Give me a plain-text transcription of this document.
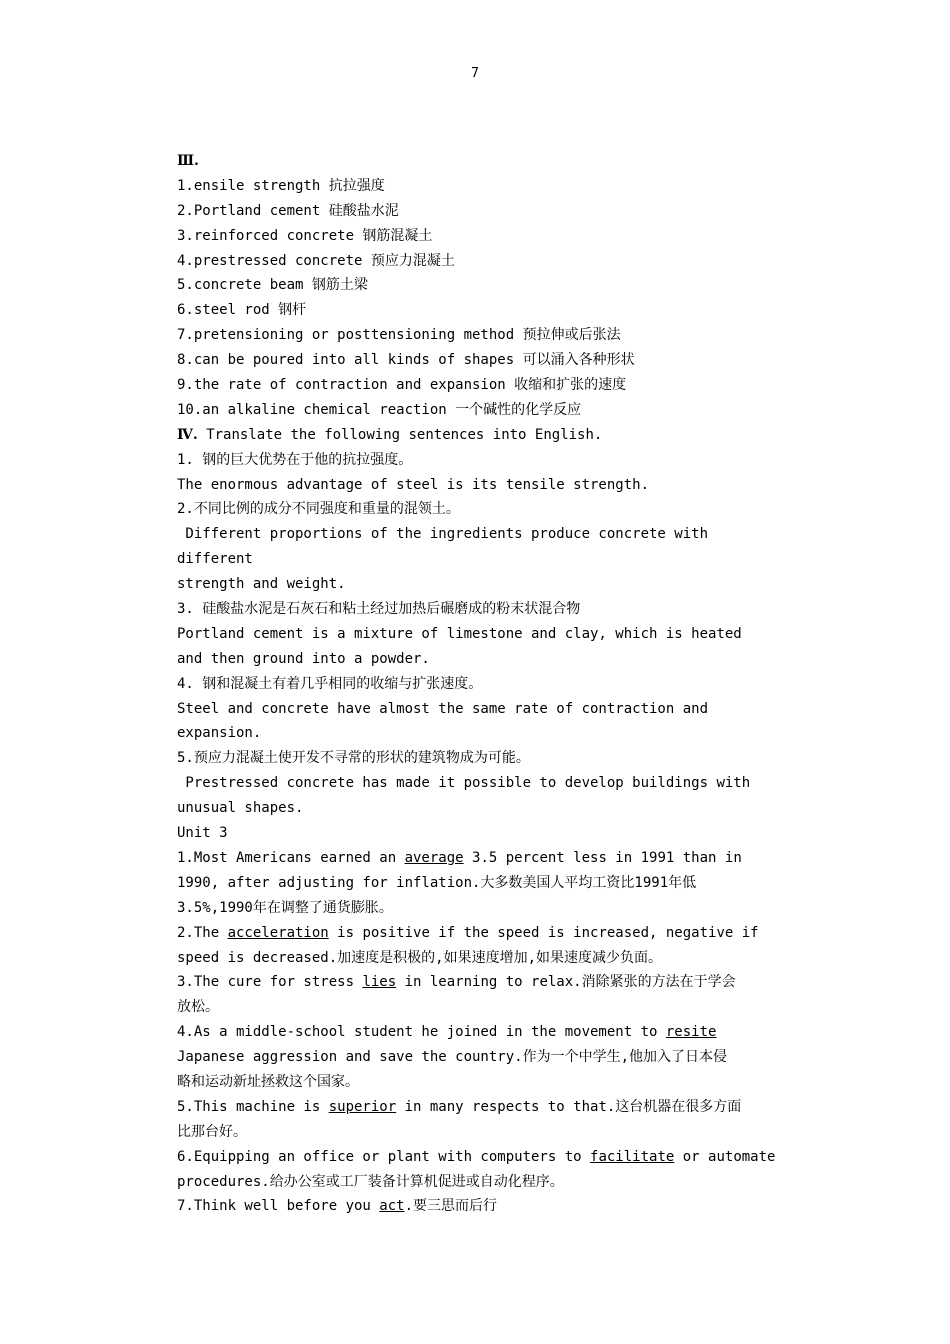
7
Ⅲ.
1.ensile strength 抗拉强度
2.Portland cement 硅酸盐水泥
3.reinforced concrete 钢筋混凝土
4.prestressed concrete 预应力混凝土
5.concrete beam 钢筋土梁
6.steel rod 钢杆
7.pretensioning or posttensioning method 预拉伸或后张法
8.can be poured into all kinds of shapes 可以涌入各种形状
9.the rate of contraction and expansion 收缩和扩张的速度
10.an alkaline chemical reaction 一个碱性的化学反应
Ⅳ. Translate the following sentences into English.
1. 钢的巨大优势在于他的抗拉强度。
The enormous advantage of steel is its tensile strength.
2.不同比例的成分不同强度和重量的混领土。
Different proportions of the ingredients produce concrete with
different
strength and weight.
3. 硅酸盐水泥是石灰石和粘土经过加热后碾磨成的粉末状混合物
Portland cement is a mixture of limestone and clay, which is heated
and then ground into a powder.
4. 钢和混凝土有着几乎相同的收缩与扩张速度。
Steel and concrete have almost the same rate of contraction and
expansion.
5.预应力混凝土使开发不寻常的形状的建筑物成为可能。
Prestressed concrete has made it possible to develop buildings with
unusual shapes.
Unit 3
1.Most Americans earned an average 3.5 percent less in 1991 than in
1990, after adjusting for inflation.大多数美国人平均工资比1991年低
3.5%,1990年在调整了通货膨胀。
2.The acceleration is positive if the speed is increased, negative if
speed is decreased.加速度是积极的,如果速度增加,如果速度减少负面。
3.The cure for stress lies in learning to relax.消除紧张的方法在于学会
放松。
4.As a middle-school student he joined in the movement to resite
Japanese aggression and save the country.作为一个中学生,他加入了日本侵
略和运动新址拯救这个国家。
5.This machine is superior in many respects to that.这台机器在很多方面
比那台好。
6.Equipping an office or plant with computers to facilitate or automate
procedures.给办公室或工厂装备计算机促进或自动化程序。
7.Think well before you act.要三思而后行
